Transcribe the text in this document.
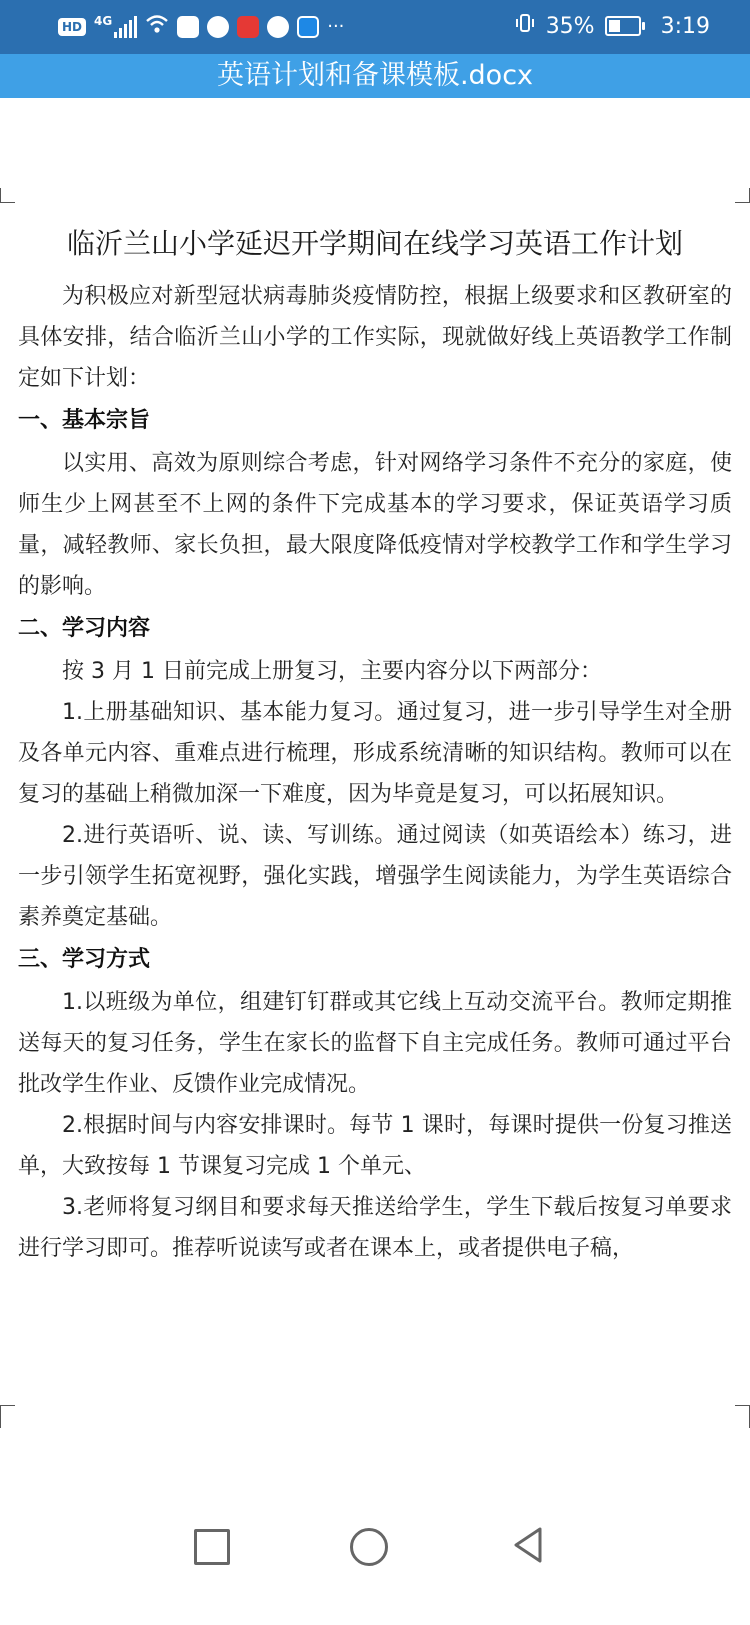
HD	4G	···	35%	3:19
英语计划和备课模板.docx
临沂兰山小学延迟开学期间在线学习英语工作计划

为积极应对新型冠状病毒肺炎疫情防控，根据上级要求和区教研室的具体安排，结合临沂兰山小学的工作实际，现就做好线上英语教学工作制定如下计划：

一、基本宗旨

以实用、高效为原则综合考虑，针对网络学习条件不充分的家庭，使师生少上网甚至不上网的条件下完成基本的学习要求，保证英语学习质量，减轻教师、家长负担，最大限度降低疫情对学校教学工作和学生学习的影响。

二、学习内容

按 3 月 1 日前完成上册复习，主要内容分以下两部分：

1.上册基础知识、基本能力复习。通过复习，进一步引导学生对全册及各单元内容、重难点进行梳理，形成系统清晰的知识结构。教师可以在复习的基础上稍微加深一下难度，因为毕竟是复习，可以拓展知识。

2.进行英语听、说、读、写训练。通过阅读（如英语绘本）练习，进一步引领学生拓宽视野，强化实践，增强学生阅读能力，为学生英语综合素养奠定基础。

三、学习方式

1.以班级为单位，组建钉钉群或其它线上互动交流平台。教师定期推送每天的复习任务，学生在家长的监督下自主完成任务。教师可通过平台批改学生作业、反馈作业完成情况。

2.根据时间与内容安排课时。每节 1 课时，每课时提供一份复习推送单，大致按每 1 节课复习完成 1 个单元、

3.老师将复习纲目和要求每天推送给学生，学生下载后按复习单要求进行学习即可。推荐听说读写或者在课本上，或者提供电子稿，
